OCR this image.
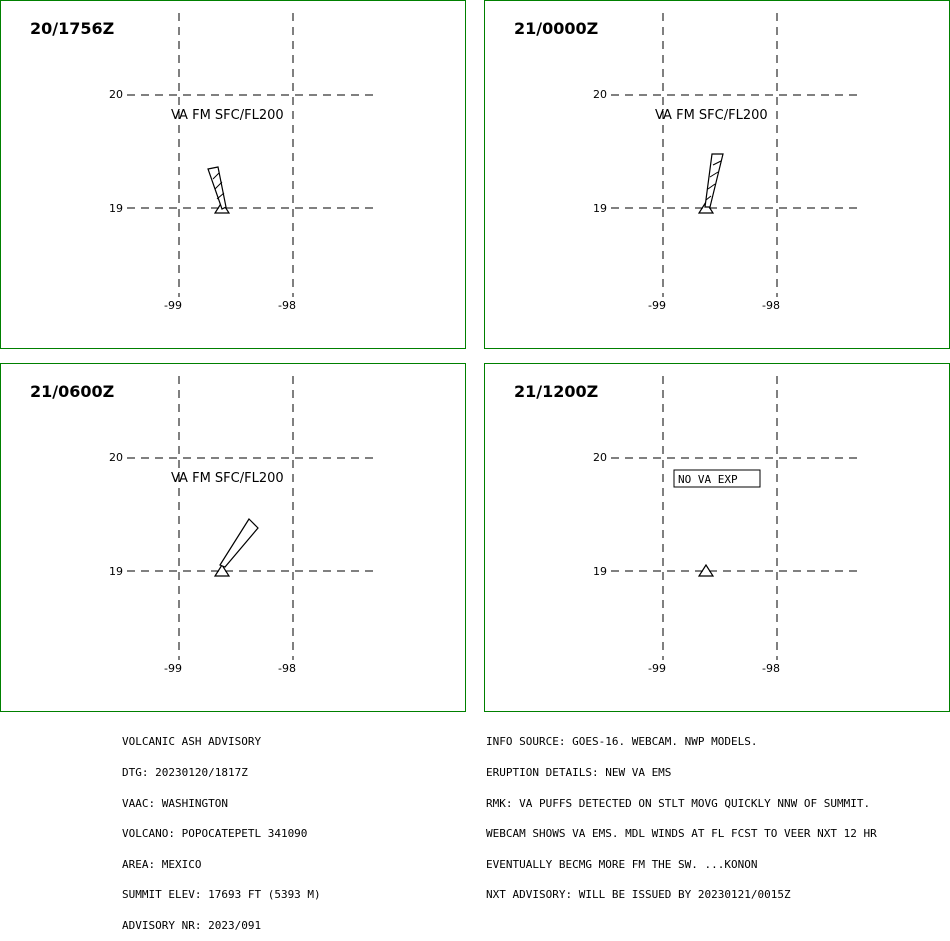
20
19
-99	-98
VA FM SFC/FL200
20/1756Z
20
19
-99	-98
VA FM SFC/FL200
21/0000Z
20
19
-99	-98
VA FM SFC/FL200
21/0600Z
20
19
-99	-98
NO VA EXP
21/1200Z

VOLCANIC ASH ADVISORY

DTG: 20230120/1817Z

VAAC: WASHINGTON

VOLCANO: POPOCATEPETL 341090

AREA: MEXICO

SUMMIT ELEV: 17693 FT (5393 M)

ADVISORY NR: 2023/091

INFO SOURCE: GOES-16. WEBCAM. NWP MODELS.

ERUPTION DETAILS: NEW VA EMS

RMK: VA PUFFS DETECTED ON STLT MOVG QUICKLY NNW OF SUMMIT.

WEBCAM SHOWS VA EMS. MDL WINDS AT FL FCST TO VEER NXT 12 HR

EVENTUALLY BECMG MORE FM THE SW. ...KONON

NXT ADVISORY: WILL BE ISSUED BY 20230121/0015Z
